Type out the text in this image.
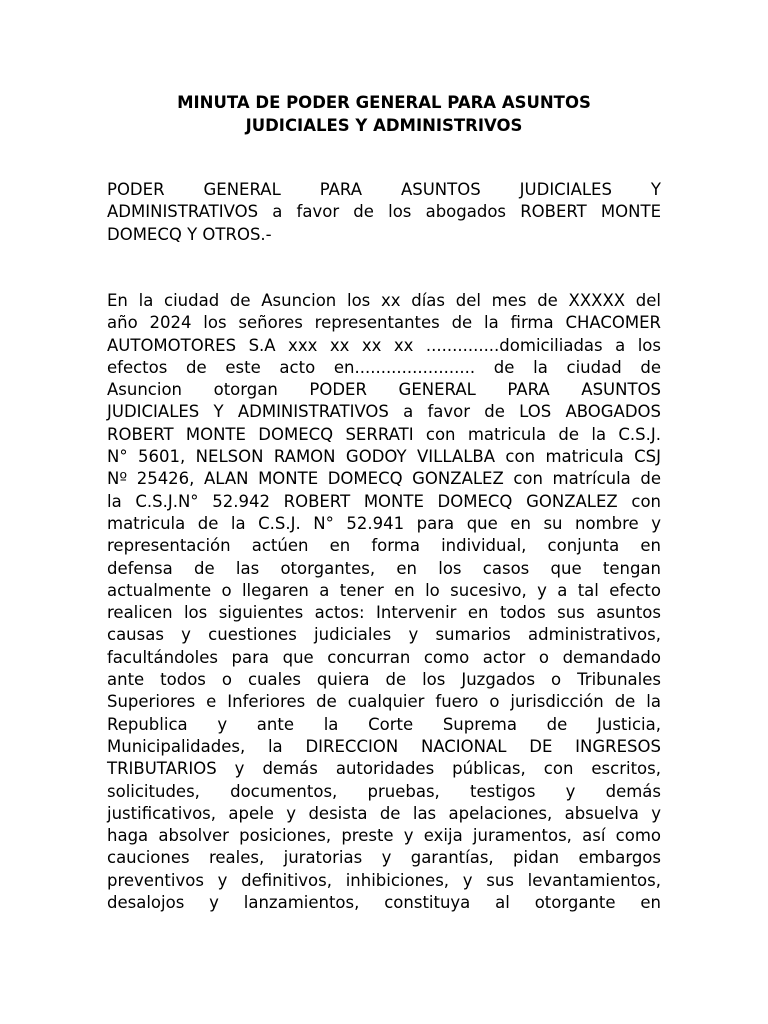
MINUTA DE PODER GENERAL PARA ASUNTOS
JUDICIALES Y ADMINISTRIVOS
PODER GENERAL PARA ASUNTOS JUDICIALES Y
ADMINISTRATIVOS a favor de los abogados ROBERT MONTE
DOMECQ Y OTROS.-
En la ciudad de Asuncion los xx días del mes de XXXXX del
año 2024 los señores representantes de la firma CHACOMER
AUTOMOTORES S.A xxx xx xx xx ..............domiciliadas a los
efectos de este acto en....................... de la ciudad de
Asuncion otorgan PODER GENERAL PARA ASUNTOS
JUDICIALES Y ADMINISTRATIVOS a favor de LOS ABOGADOS
ROBERT MONTE DOMECQ SERRATI con matricula de la C.S.J.
N° 5601, NELSON RAMON GODOY VILLALBA con matricula CSJ
Nº 25426, ALAN MONTE DOMECQ GONZALEZ con matrícula de
la C.S.J.N° 52.942 ROBERT MONTE DOMECQ GONZALEZ con
matricula de la C.S.J. N° 52.941 para que en su nombre y
representación actúen en forma individual, conjunta en
defensa de las otorgantes, en los casos que tengan
actualmente o llegaren a tener en lo sucesivo, y a tal efecto
realicen los siguientes actos: Intervenir en todos sus asuntos
causas y cuestiones judiciales y sumarios administrativos,
facultándoles para que concurran como actor o demandado
ante todos o cuales quiera de los Juzgados o Tribunales
Superiores e Inferiores de cualquier fuero o jurisdicción de la
Republica y ante la Corte Suprema de Justicia,
Municipalidades, la DIRECCION NACIONAL DE INGRESOS
TRIBUTARIOS y demás autoridades públicas, con escritos,
solicitudes, documentos, pruebas, testigos y demás
justificativos, apele y desista de las apelaciones, absuelva y
haga absolver posiciones, preste y exija juramentos, así como
cauciones reales, juratorias y garantías, pidan embargos
preventivos y definitivos, inhibiciones, y sus levantamientos,
desalojos y lanzamientos, constituya al otorgante en
